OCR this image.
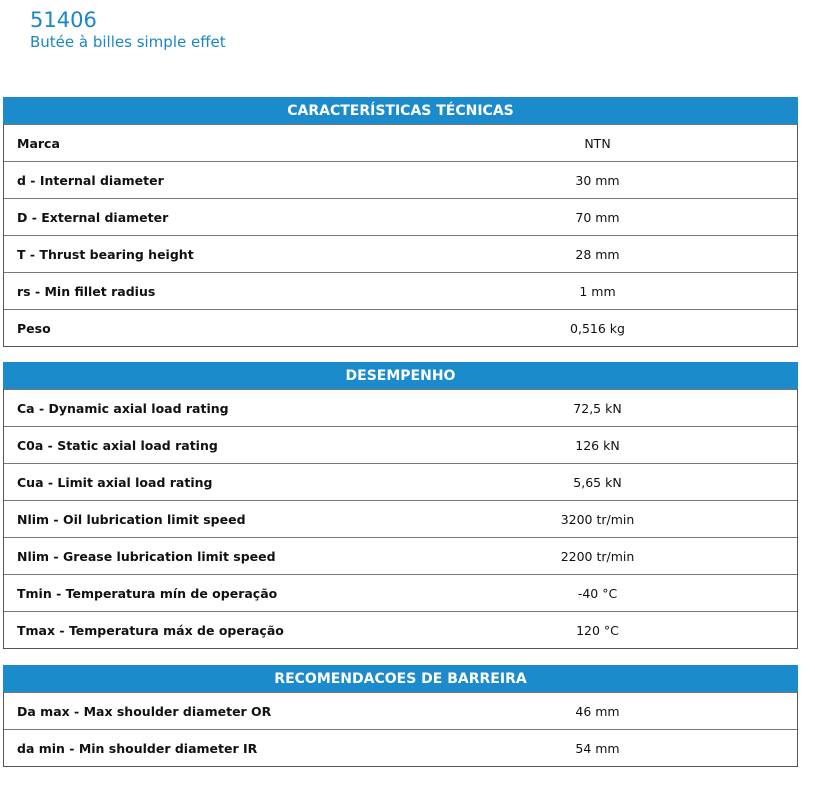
51406
Butée à billes simple effet
CARACTERÍSTICAS TÉCNICAS
Marca	NTN
d - Internal diameter	30 mm
D - External diameter	70 mm
T - Thrust bearing height	28 mm
rs - Min fillet radius	1 mm
Peso	0,516 kg
DESEMPENHO
Ca - Dynamic axial load rating	72,5 kN
C0a - Static axial load rating	126 kN
Cua - Limit axial load rating	5,65 kN
Nlim - Oil lubrication limit speed	3200 tr/min
Nlim - Grease lubrication limit speed	2200 tr/min
Tmin - Temperatura mín de operação	-40 °C
Tmax - Temperatura máx de operação	120 °C
RECOMENDACOES DE BARREIRA
Da max - Max shoulder diameter OR	46 mm
da min - Min shoulder diameter IR	54 mm
